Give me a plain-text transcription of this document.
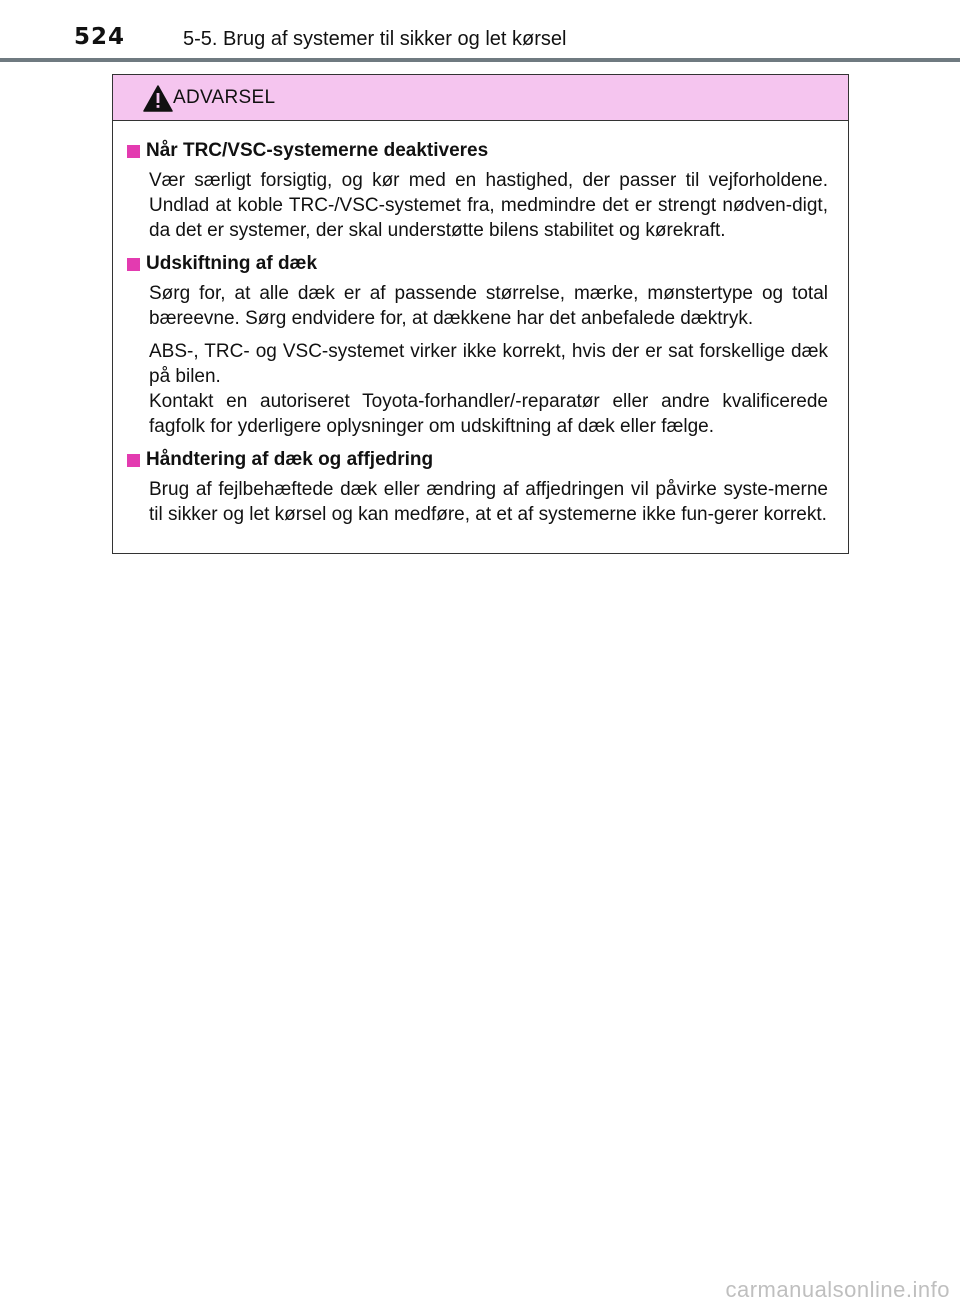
524	5-5. Brug af systemer til sikker og let kørsel
ADVARSEL
Når TRC/VSC-systemerne deaktiveres

Vær særligt forsigtig, og kør med en hastighed, der passer til vejforholdene. Undlad at koble TRC-/VSC-systemet fra, medmindre det er strengt nødven-digt, da det er systemer, der skal understøtte bilens stabilitet og kørekraft.

Udskiftning af dæk

Sørg for, at alle dæk er af passende størrelse, mærke, mønstertype og total bæreevne. Sørg endvidere for, at dækkene har det anbefalede dæktryk.

ABS-, TRC- og VSC-systemet virker ikke korrekt, hvis der er sat forskellige dæk på bilen.

Kontakt en autoriseret Toyota-forhandler/-reparatør eller andre kvalificerede fagfolk for yderligere oplysninger om udskiftning af dæk eller fælge.

Håndtering af dæk og affjedring

Brug af fejlbehæftede dæk eller ændring af affjedringen vil påvirke syste-merne til sikker og let kørsel og kan medføre, at et af systemerne ikke fun-gerer korrekt.

carmanualsonline.info
